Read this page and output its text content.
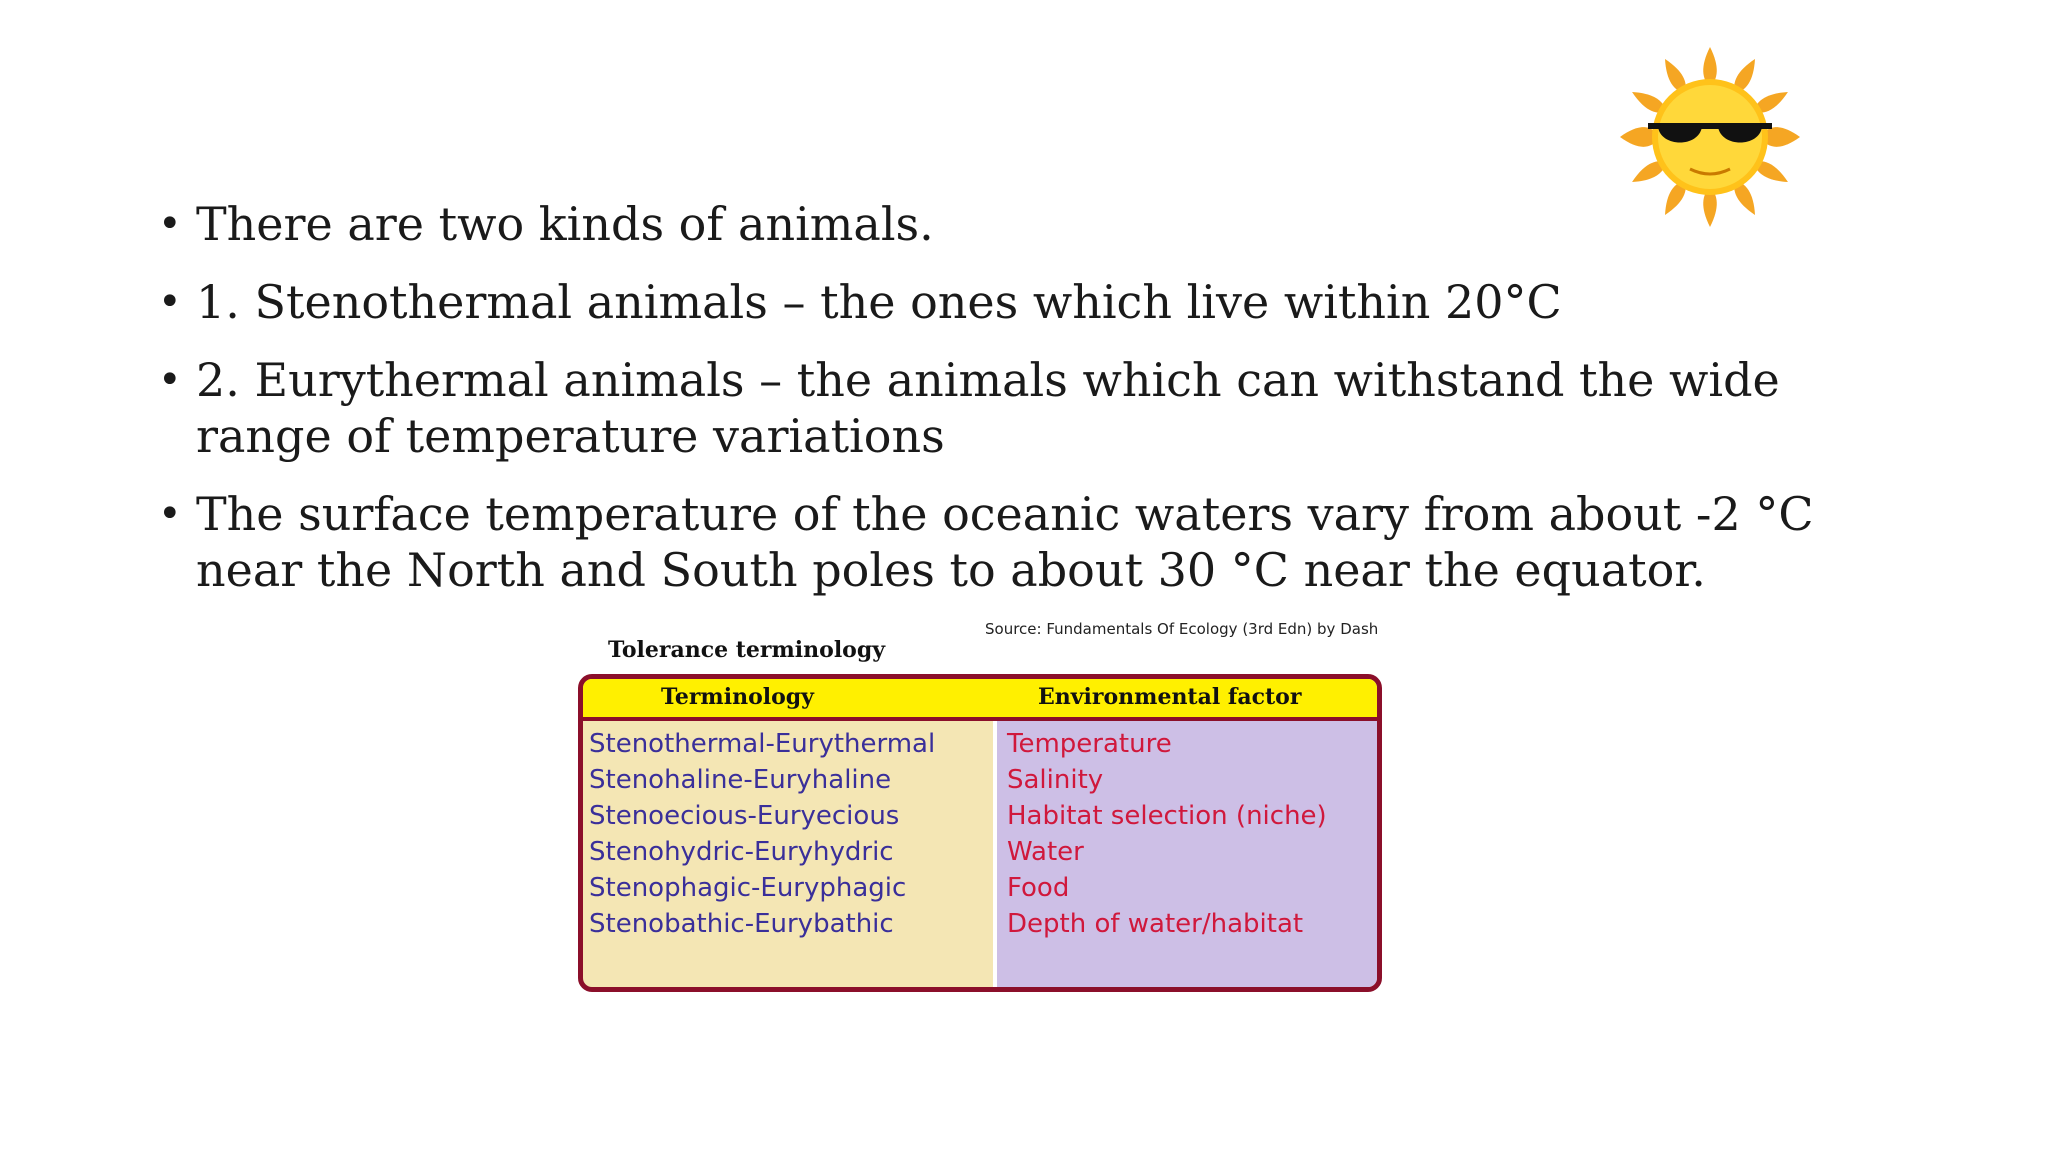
• There are two kinds of animals.
• 1. Stenothermal animals – the ones which live within 20°C
• 2. Eurythermal animals – the animals which can withstand the wide range of temperature variations
• The surface temperature of the oceanic waters vary from about -2 °C near the North and South poles to about 30 °C near the equator.
Source: Fundamentals Of Ecology (3rd Edn) by Dash
Tolerance terminology
Terminology	Environmental factor
Stenothermal-Eurythermal	Temperature
Stenohaline-Euryhaline	Salinity
Stenoecious-Euryecious	Habitat selection (niche)
Stenohydric-Euryhydric	Water
Stenophagic-Euryphagic	Food
Stenobathic-Eurybathic	Depth of water/habitat
